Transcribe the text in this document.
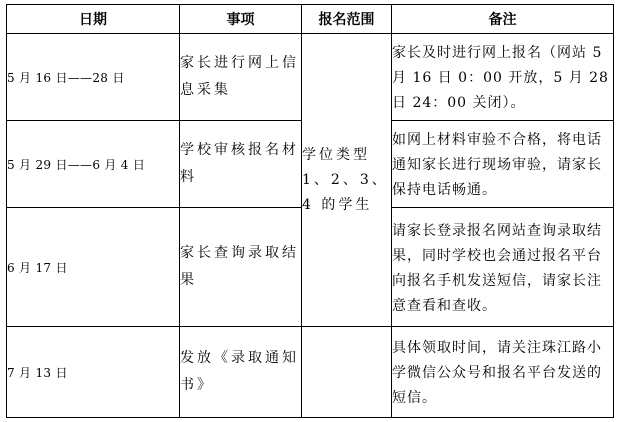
日期	事项	报名范围	备注
5 月 16 日——28 日	家长进行网上信息采集	学位类型 1、2、3、4 的学生	家长及时进行网上报名（网站 5 月 16 日 0：00 开放，5 月 28 日 24：00 关闭）。

5 月 29 日——6 月 4 日	学校审核报名材料		如网上材料审验不合格，将电话通知家长进行现场审验，请家长保持电话畅通。

6 月 17 日	家长查询录取结果		请家长登录报名网站查询录取结果，同时学校也会通过报名平台向报名手机发送短信，请家长注意查看和查收。

7 月 13 日	发放《录取通知书》		具体领取时间，请关注珠江路小学微信公众号和报名平台发送的短信。
